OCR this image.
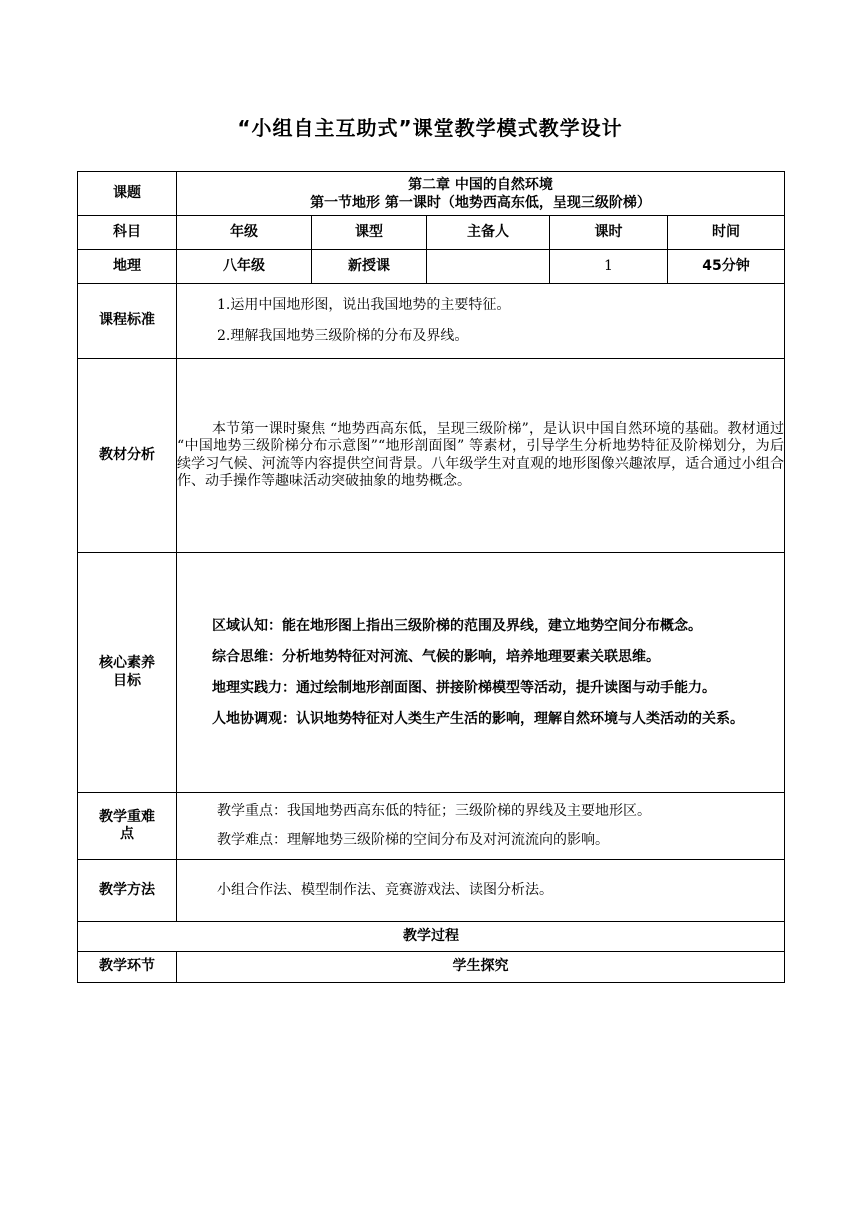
“小组自主互助式”课堂教学模式教学设计
课题	第二章 中国的自然环境
第一节地形 第一课时（地势西高东低，呈现三级阶梯）				

科目	年级	课型	主备人	课时	时间
地理	八年级	新授课		1	45分钟
课程标准	1.运用中国地形图，说出我国地势的主要特征。
2.理解我国地势三级阶梯的分布及界线。				

教材分析	本节第一课时聚焦 “地势西高东低，呈现三级阶梯”，是认识中国自然环境的基础。教材通过 “中国地势三级阶梯分布示意图”“地形剖面图” 等素材，引导学生分析地势特征及阶梯划分，为后续学习气候、河流等内容提供空间背景。八年级学生对直观的地形图像兴趣浓厚，适合通过小组合作、动手操作等趣味活动突破抽象的地势概念。				

核心素养
目标	区域认知：能在地形图上指出三级阶梯的范围及界线，建立地势空间分布概念。
综合思维：分析地势特征对河流、气候的影响，培养地理要素关联思维。
地理实践力：通过绘制地形剖面图、拼接阶梯模型等活动，提升读图与动手能力。
人地协调观：认识地势特征对人类生产生活的影响，理解自然环境与人类活动的关系。				

教学重难
点	教学重点：我国地势西高东低的特征；三级阶梯的界线及主要地形区。
教学难点：理解地势三级阶梯的空间分布及对河流流向的影响。				

教学方法	小组合作法、模型制作法、竞赛游戏法、读图分析法。				

教学过程					
教学环节	学生探究				
